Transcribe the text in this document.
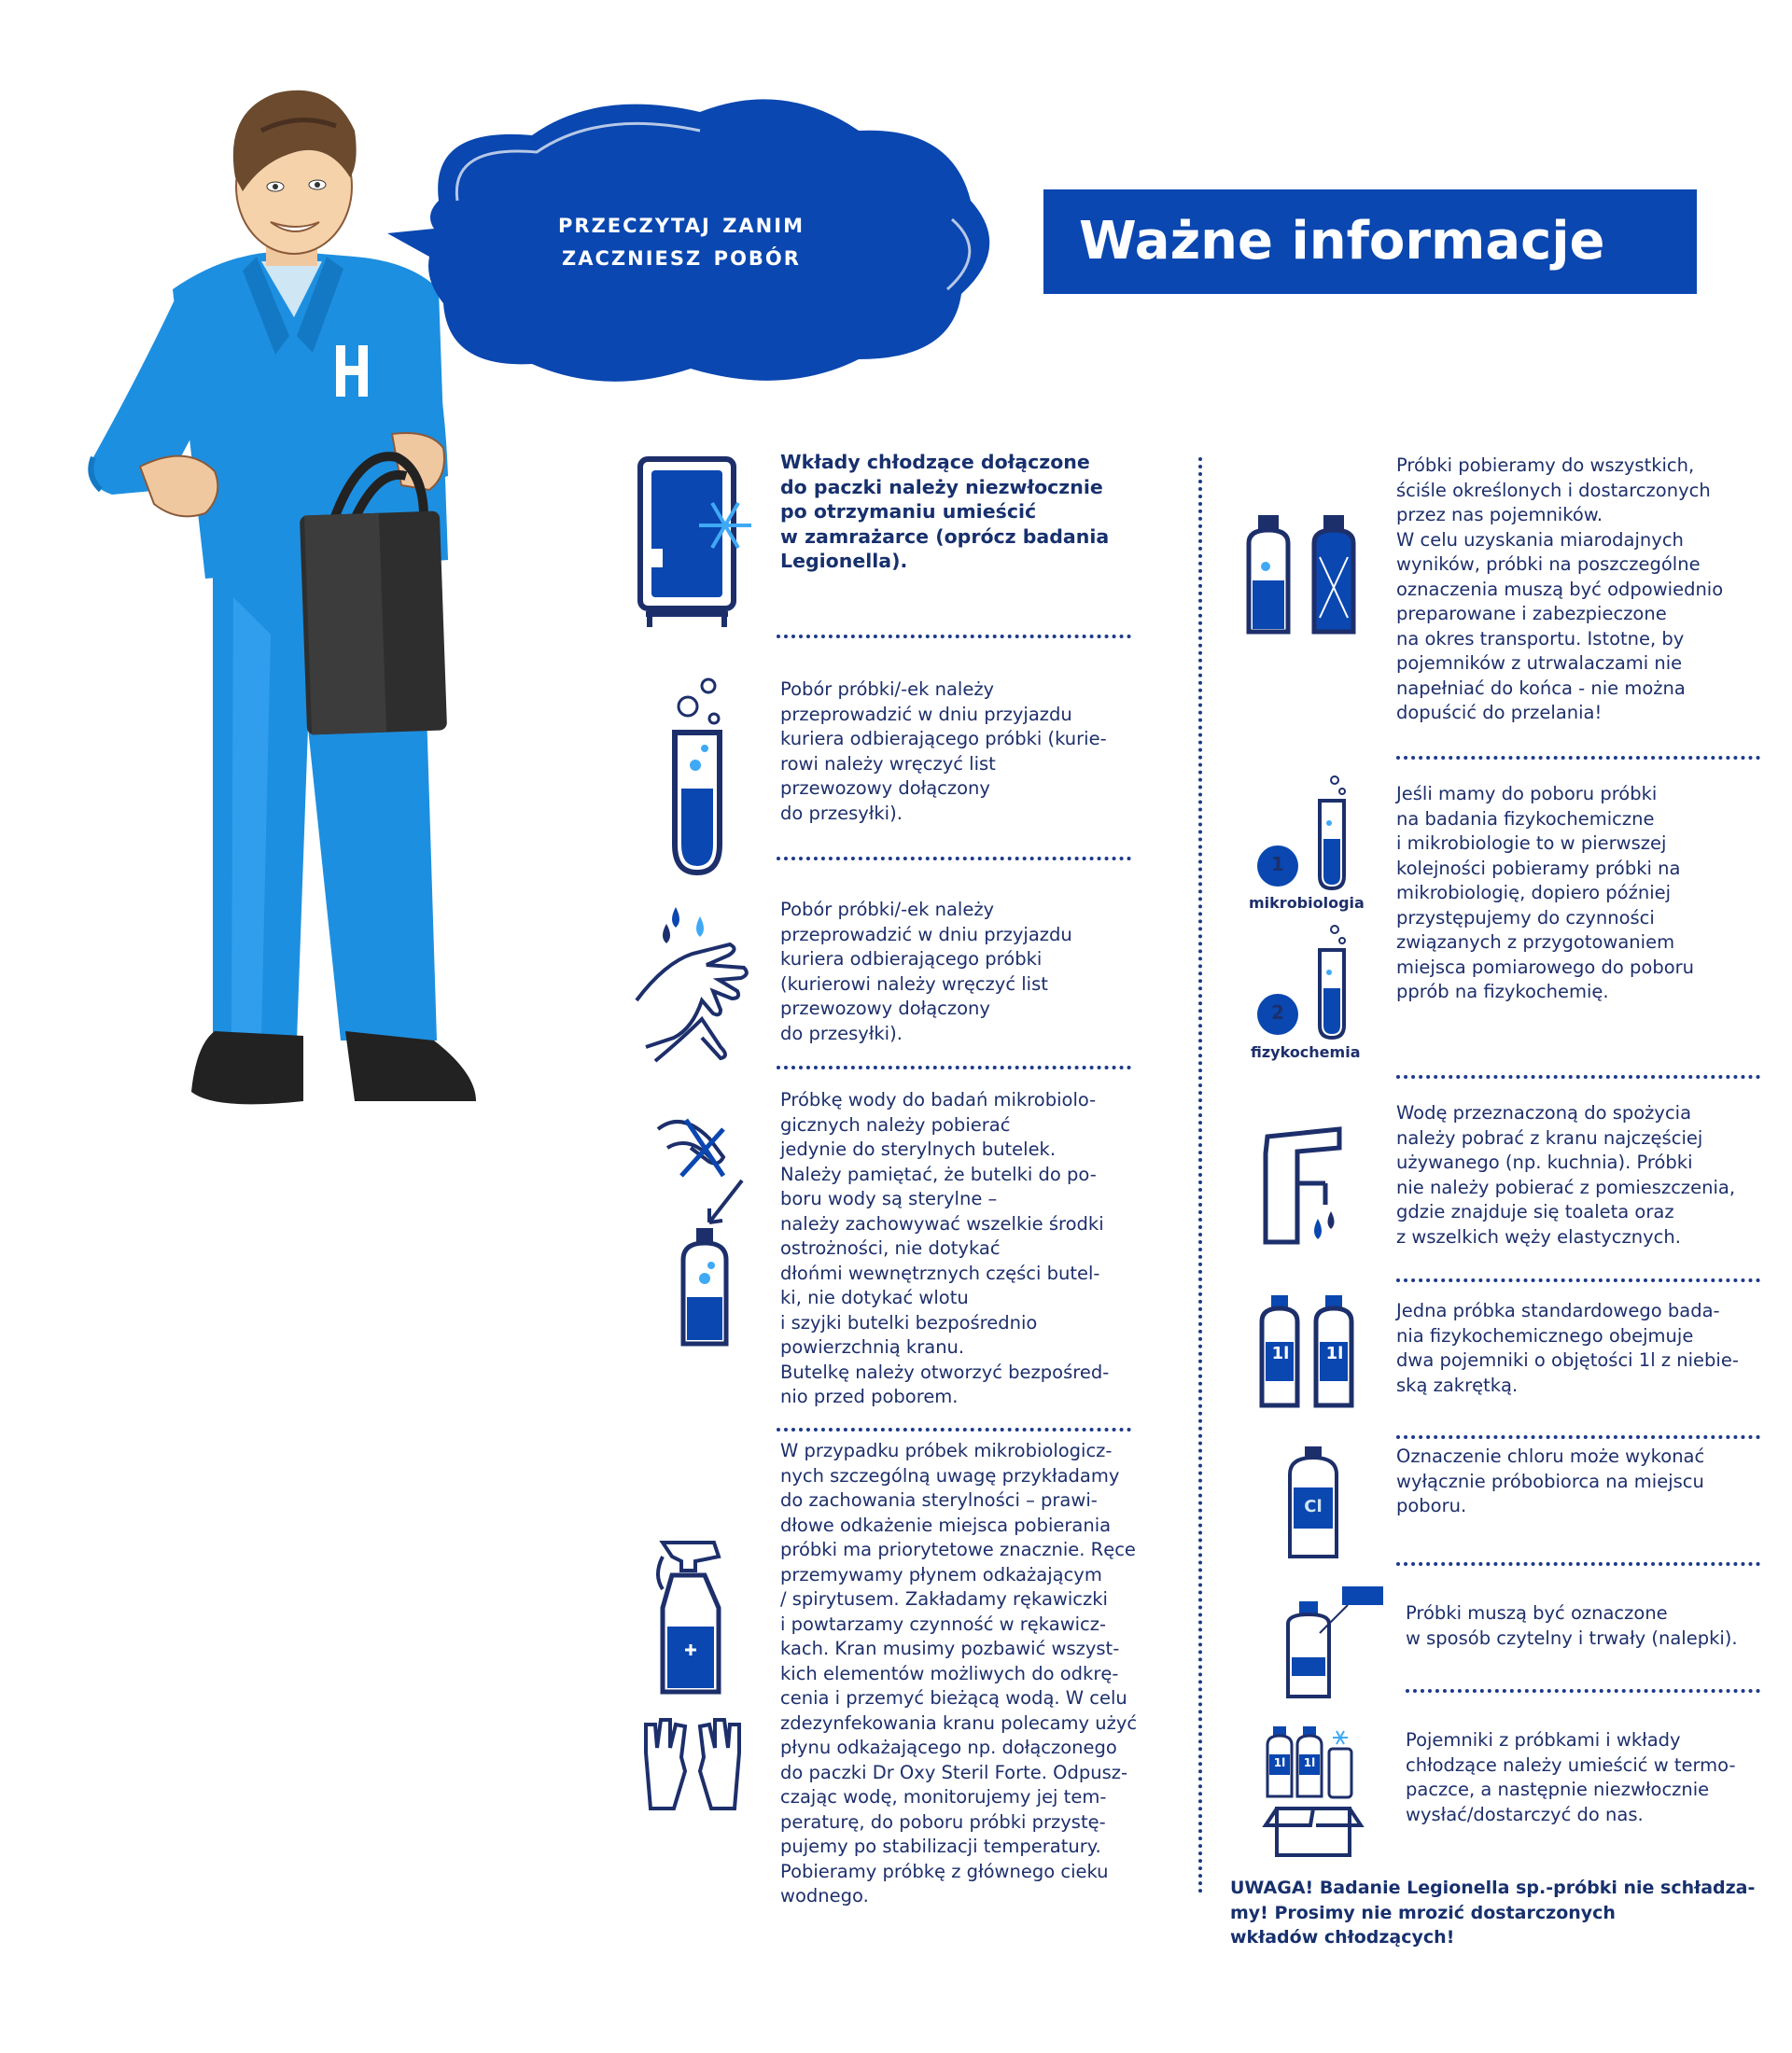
przeczytaj zanim
zaczniesz pobór	Ważne informacje
Wkłady chłodzące dołączone
do paczki należy niezwłocznie
po otrzymaniu umieścić
w zamrażarce (oprócz badania
Legionella).
Pobór próbki/-ek należy
przeprowadzić w dniu przyjazdu
kuriera odbierającego próbki (kurie-
rowi należy wręczyć list
przewozowy dołączony
do przesyłki).
Pobór próbki/-ek należy
przeprowadzić w dniu przyjazdu
kuriera odbierającego próbki
(kurierowi należy wręczyć list
przewozowy dołączony
do przesyłki).
Próbkę wody do badań mikrobiolo-
gicznych należy pobierać
jedynie do sterylnych butelek.
Należy pamiętać, że butelki do po-
boru wody są sterylne –
należy zachowywać wszelkie środki
ostrożności, nie dotykać
dłońmi wewnętrznych części butel-
ki, nie dotykać wlotu
i szyjki butelki bezpośrednio
powierzchnią kranu.
Butelkę należy otworzyć bezpośred-
nio przed poborem.
W przypadku próbek mikrobiologicz-
nych szczególną uwagę przykładamy
do zachowania sterylności – prawi-
dłowe odkażenie miejsca pobierania
próbki ma priorytetowe znacznie. Ręce
przemywamy płynem odkażającym
/ spirytusem. Zakładamy rękawiczki
i powtarzamy czynność w rękawicz-
kach. Kran musimy pozbawić wszyst-
kich elementów możliwych do odkrę-
cenia i przemyć bieżącą wodą. W celu
zdezynfekowania kranu polecamy użyć
płynu odkażającego np. dołączonego
do paczki Dr Oxy Steril Forte. Odpusz-
czając wodę, monitorujemy jej tem-
peraturę, do poboru próbki przystę-
pujemy po stabilizacji temperatury.
Pobieramy próbkę z głównego cieku
wodnego.
Próbki pobieramy do wszystkich,
ściśle określonych i dostarczonych
przez nas pojemników.
W celu uzyskania miarodajnych
wyników, próbki na poszczególne
oznaczenia muszą być odpowiednio
preparowane i zabezpieczone
na okres transportu. Istotne, by
pojemników z utrwalaczami nie
napełniać do końca - nie można
dopuścić do przelania!
1
2
mikrobiologia
fizykochemia
Jeśli mamy do poboru próbki
na badania fizykochemiczne
i mikrobiologie to w pierwszej
kolejności pobieramy próbki na
mikrobiologię, dopiero później
przystępujemy do czynności
związanych z przygotowaniem
miejsca pomiarowego do poboru
pprób na fizykochemię.
Wodę przeznaczoną do spożycia
należy pobrać z kranu najczęściej
używanego (np. kuchnia). Próbki
nie należy pobierać z pomieszczenia,
gdzie znajduje się toaleta oraz
z wszelkich węży elastycznych.
1l	1l
Jedna próbka standardowego bada-
nia fizykochemicznego obejmuje
dwa pojemniki o objętości 1l z niebie-
ską zakrętką.
Cl
Oznaczenie chloru może wykonać
wyłącznie próbobiorca na miejscu
poboru.
Próbki muszą być oznaczone
w sposób czytelny i trwały (nalepki).
1l	1l
Pojemniki z próbkami i wkłady
chłodzące należy umieścić w termo-
paczce, a następnie niezwłocznie
wysłać/dostarczyć do nas.
UWAGA! Badanie Legionella sp.-próbki nie schładza-
my! Prosimy nie mrozić dostarczonych
wkładów chłodzących!
